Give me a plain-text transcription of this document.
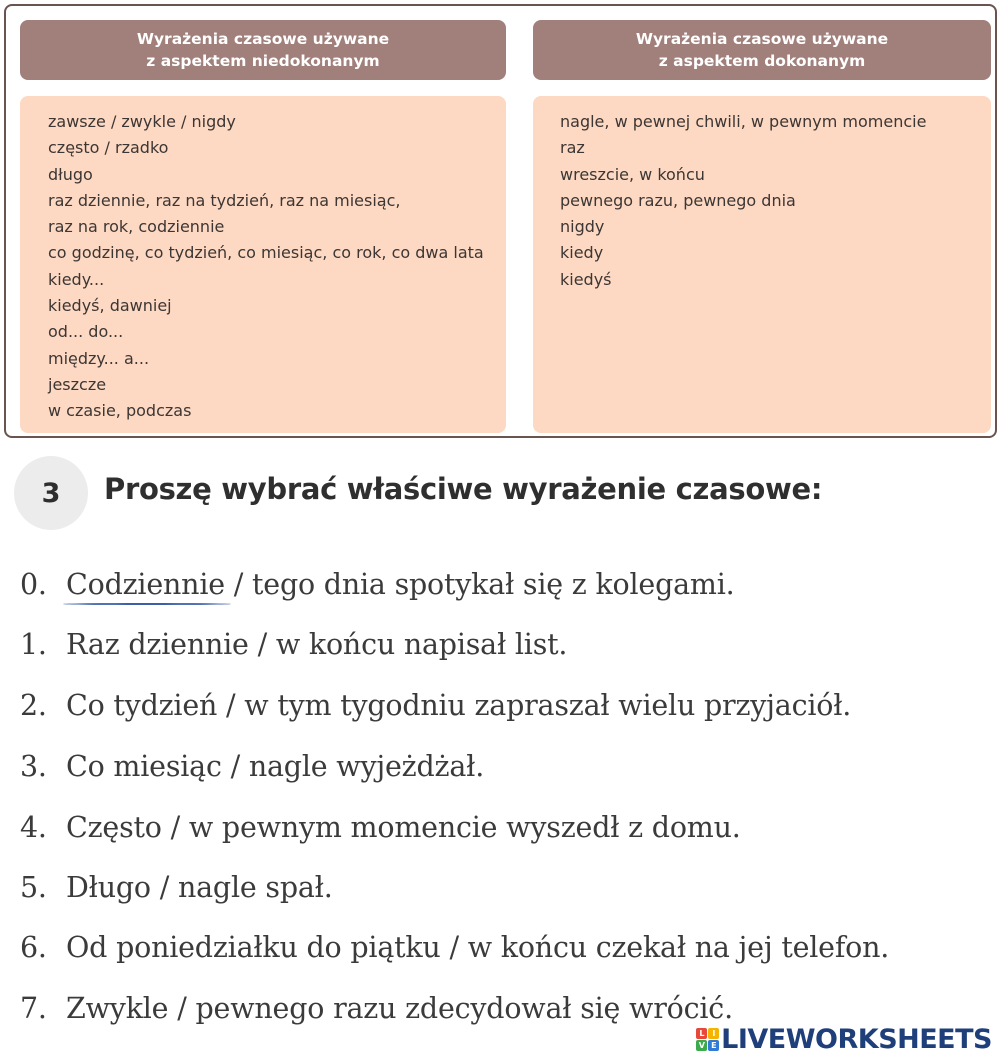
Wyrażenia czasowe używane
z aspektem niedokonanym
Wyrażenia czasowe używane
z aspektem dokonanym
zawsze / zwykle / nigdy
często / rzadko
długo
raz dziennie, raz na tydzień, raz na miesiąc,
raz na rok, codziennie
co godzinę, co tydzień, co miesiąc, co rok, co dwa lata
kiedy...
kiedyś, dawniej
od... do...
między... a...
jeszcze
w czasie, podczas
nagle, w pewnej chwili, w pewnym momencie
raz
wreszcie, w końcu
pewnego razu, pewnego dnia
nigdy
kiedy
kiedyś
3	Proszę wybrać właściwe wyrażenie czasowe:
0. Codziennie / tego dnia spotykał się z kolegami.
1. Raz dziennie / w końcu napisał list.
2. Co tydzień / w tym tygodniu zapraszał wielu przyjaciół.
3. Co miesiąc / nagle wyjeżdżał.
4. Często / w pewnym momencie wyszedł z domu.
5. Długo / nagle spał.
6. Od poniedziałku do piątku / w końcu czekał na jej telefon.
7. Zwykle / pewnego razu zdecydował się wrócić.
L	I
V E LIVEWORKSHEETS
